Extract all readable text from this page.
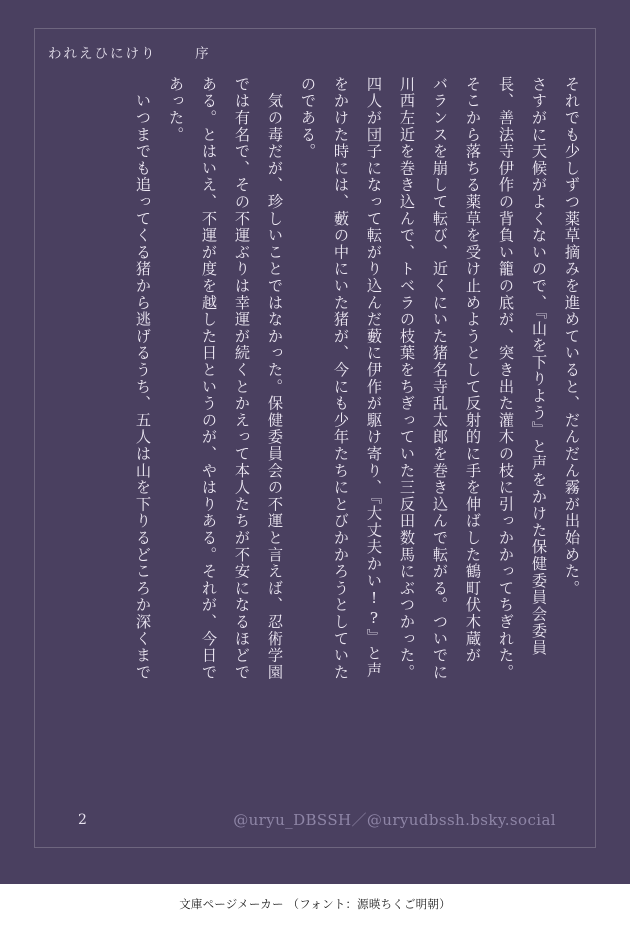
われえひにけり	序
それでも少しずつ薬草摘みを進めていると、だんだん霧が出始めた。
さすがに天候がよくないので、『山を下りよう』と声をかけた保健委員会委員
長、善法寺伊作の背負い籠の底が、突き出た灌木の枝に引っかかってちぎれた。
そこから落ちる薬草を受け止めようとして反射的に手を伸ばした鶴町伏木蔵が
バランスを崩して転び、近くにいた猪名寺乱太郎を巻き込んで転がる。ついでに
川西左近を巻き込んで、トベラの枝葉をちぎっていた三反田数馬にぶつかった。
四人が団子になって転がり込んだ藪に伊作が駆け寄り、『大丈夫かい!?』と声
をかけた時には、藪の中にいた猪が、今にも少年たちにとびかかろうとしていた
のである。
　気の毒だが、珍しいことではなかった。保健委員会の不運と言えば、忍術学園
では有名で、その不運ぶりは幸運が続くとかえって本人たちが不安になるほどで
ある。とはいえ、不運が度を越した日というのが、やはりある。それが、今日で
あった。
　いつまでも追ってくる猪から逃げるうち、五人は山を下りるどころか深くまで
2	@uryu_DBSSH／@uryudbssh.bsky.social
文庫ページメーカー （フォント：源暎ちくご明朝）
